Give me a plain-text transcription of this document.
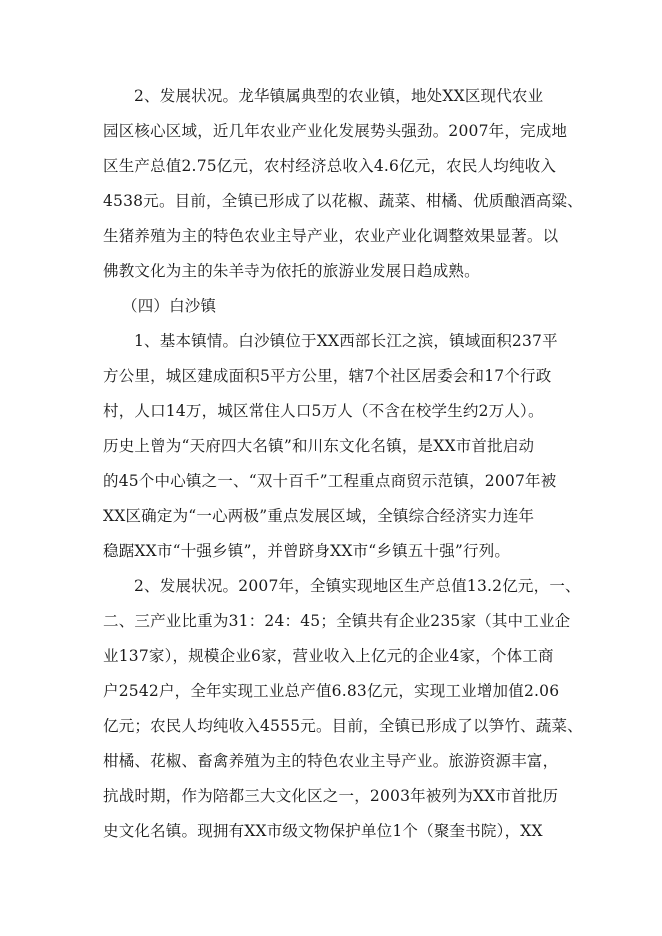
2、发展状况。龙华镇属典型的农业镇，地处XX区现代农业

园区核心区域，近几年农业产业化发展势头强劲。2007年，完成地

区生产总值2.75亿元，农村经济总收入4.6亿元，农民人均纯收入

4538元。目前，全镇已形成了以花椒、蔬菜、柑橘、优质酿酒高粱、

生猪养殖为主的特色农业主导产业，农业产业化调整效果显著。以

佛教文化为主的朱羊寺为依托的旅游业发展日趋成熟。

（四）白沙镇

1、基本镇情。白沙镇位于XX西部长江之滨，镇域面积237平

方公里，城区建成面积5平方公里，辖7个社区居委会和17个行政

村，人口14万，城区常住人口5万人（不含在校学生约2万人）。

历史上曾为“天府四大名镇”和川东文化名镇，是XX市首批启动

的45个中心镇之一、“双十百千”工程重点商贸示范镇，2007年被

XX区确定为“一心两极”重点发展区域，全镇综合经济实力连年

稳踞XX市“十强乡镇”，并曾跻身XX市“乡镇五十强”行列。

2、发展状况。2007年，全镇实现地区生产总值13.2亿元，一、

二、三产业比重为31：24：45；全镇共有企业235家（其中工业企

业137家），规模企业6家，营业收入上亿元的企业4家，个体工商

户2542户，全年实现工业总产值6.83亿元，实现工业增加值2.06

亿元；农民人均纯收入4555元。目前，全镇已形成了以笋竹、蔬菜、

柑橘、花椒、畜禽养殖为主的特色农业主导产业。旅游资源丰富，

抗战时期，作为陪都三大文化区之一，2003年被列为XX市首批历

史文化名镇。现拥有XX市级文物保护单位1个（聚奎书院），XX
